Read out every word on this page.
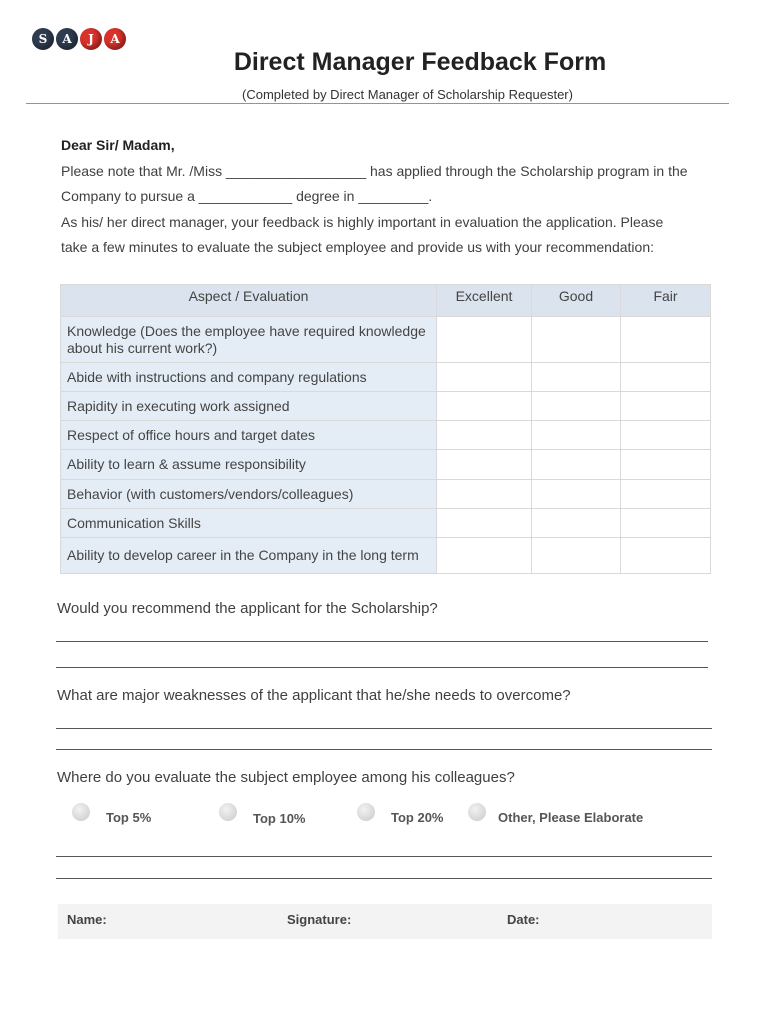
S	A	J	A
Direct Manager Feedback Form
(Completed by Direct Manager of Scholarship Requester)
Dear Sir/ Madam,
Please note that Mr. /Miss __________________ has applied through the Scholarship program in the
Company to pursue a ____________ degree in _________.
As his/ her direct manager, your feedback is highly important in evaluation the application. Please
take a few minutes to evaluate the subject employee and provide us with your recommendation:
Aspect / Evaluation	Excellent	Good	Fair
Knowledge (Does the employee have required knowledge about his current work?)			
Abide with instructions and company regulations			
Rapidity in executing work assigned			
Respect of office hours and target dates			
Ability to learn & assume responsibility			
Behavior (with customers/vendors/colleagues)			
Communication Skills			
Ability to develop career in the Company in the long term			
Would you recommend the applicant for the Scholarship?
What are major weaknesses of the applicant that he/she needs to overcome?
Where do you evaluate the subject employee among his colleagues?
Top 5%	Top 10%	Top 20%	Other, Please Elaborate
Name:	Signature:	Date:
